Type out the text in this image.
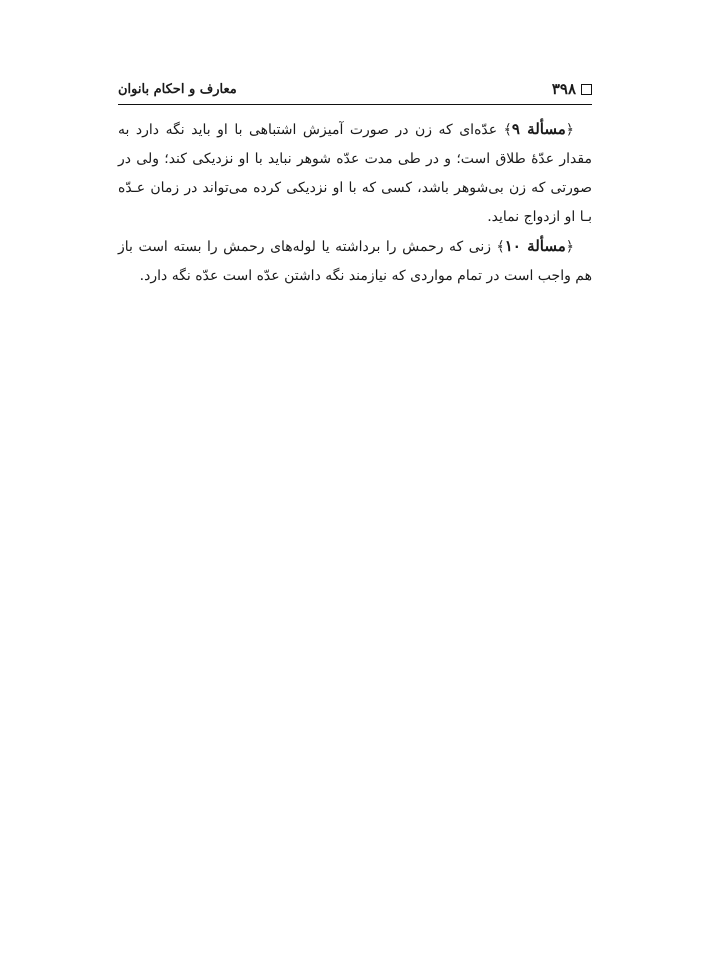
۳۹۸
معارف و احکام بانوان

﴿مسألة ۹﴾ عدّه‌ای که زن در صورت آمیزش اشتباهی با او باید نگه دارد به مقدار عدّهٔ طلاق است؛ و در طی مدت عدّه شوهر نباید با او نزدیکی کند؛ ولی در صورتی که زن بی‌شوهر باشد، کسی که با او نزدیکی کرده می‌تواند در زمان عـدّه بـا او ازدواج نماید.

﴿مسألة ۱۰﴾ زنی که رحمش را برداشته یا لوله‌های رحمش را بسته است باز هم واجب است در تمام مواردی که نیازمند نگه داشتن عدّه است عدّه نگه دارد.
